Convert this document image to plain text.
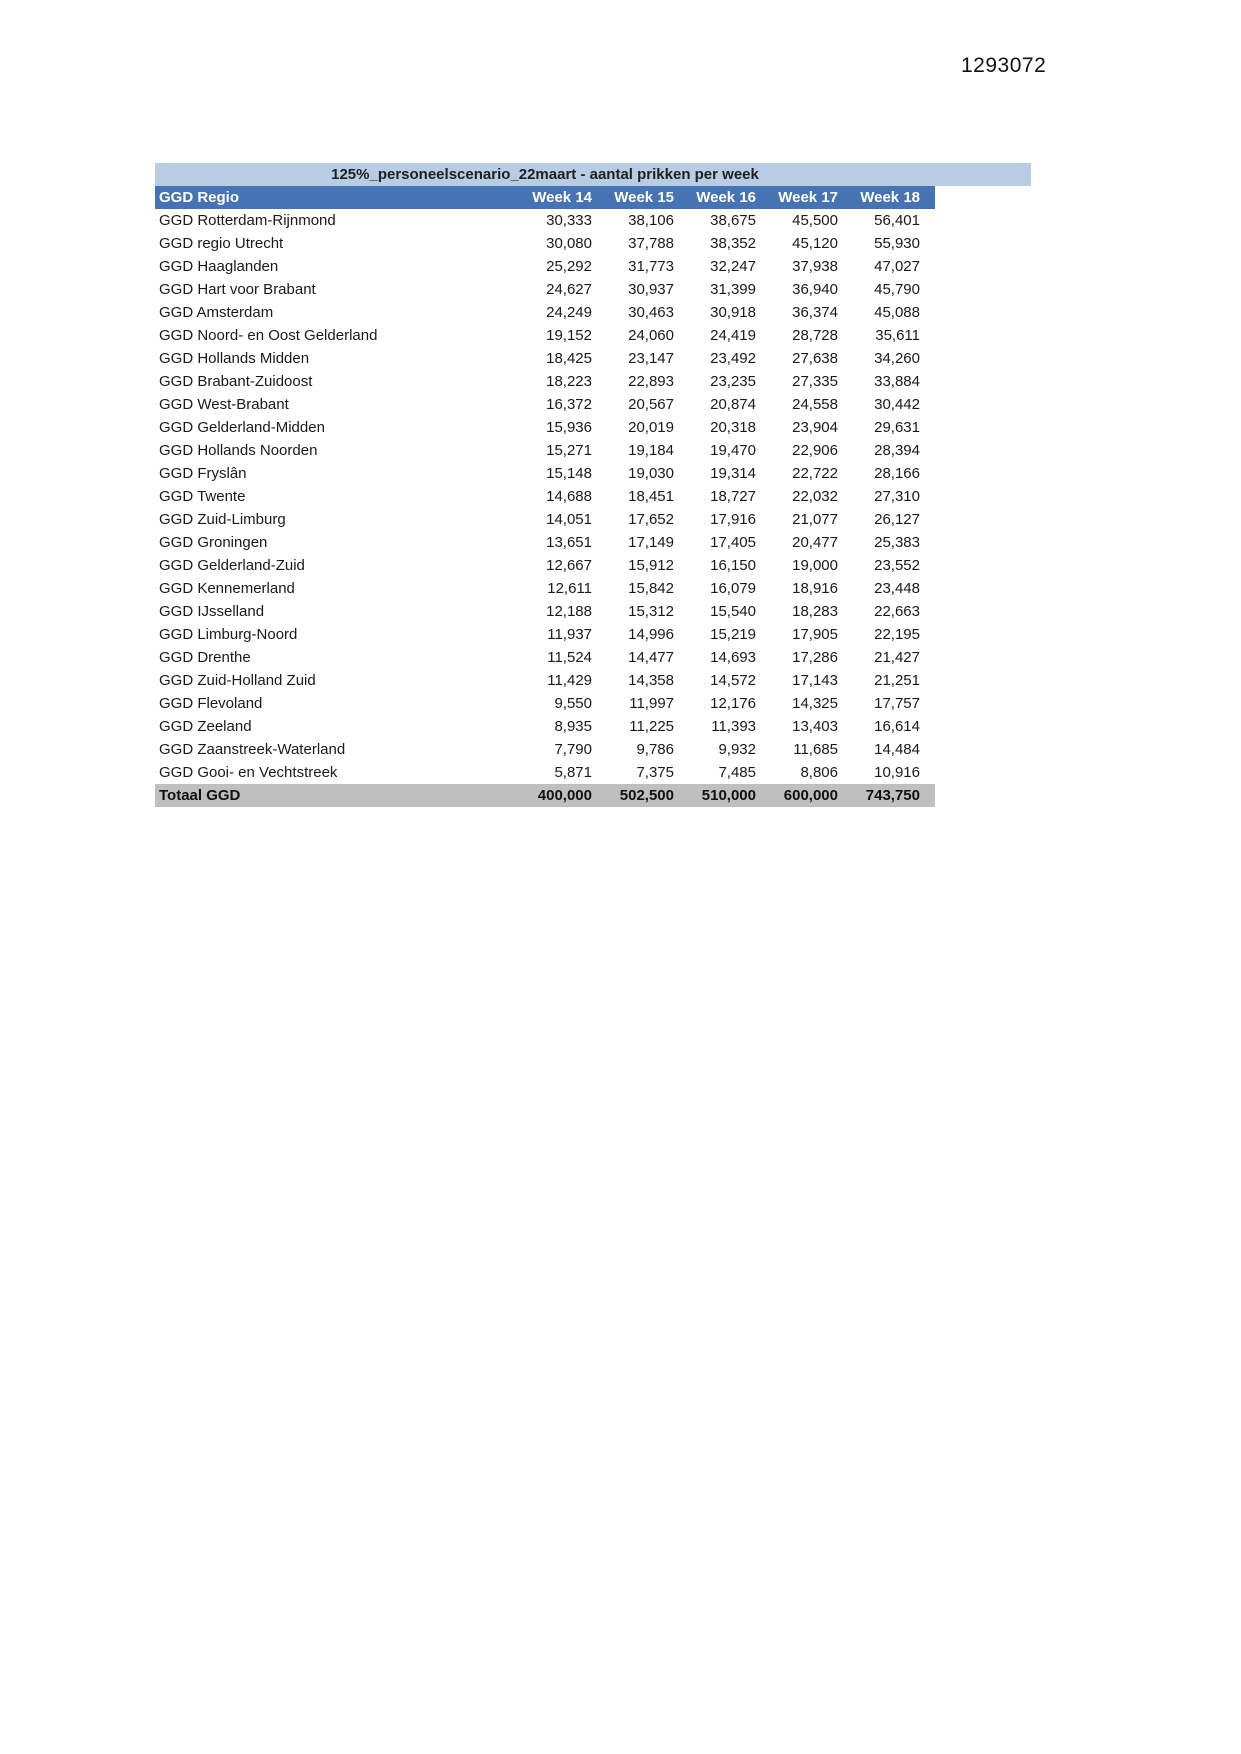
1293072
125%_personeelscenario_22maart - aantal prikken per week
GGD Regio	Week 14	Week 15	Week 16	Week 17	Week 18
GGD Rotterdam-Rijnmond	30,333	38,106	38,675	45,500	56,401
GGD regio Utrecht	30,080	37,788	38,352	45,120	55,930
GGD Haaglanden	25,292	31,773	32,247	37,938	47,027
GGD Hart voor Brabant	24,627	30,937	31,399	36,940	45,790
GGD Amsterdam	24,249	30,463	30,918	36,374	45,088
GGD Noord- en Oost Gelderland	19,152	24,060	24,419	28,728	35,611
GGD Hollands Midden	18,425	23,147	23,492	27,638	34,260
GGD Brabant-Zuidoost	18,223	22,893	23,235	27,335	33,884
GGD West-Brabant	16,372	20,567	20,874	24,558	30,442
GGD Gelderland-Midden	15,936	20,019	20,318	23,904	29,631
GGD Hollands Noorden	15,271	19,184	19,470	22,906	28,394
GGD Fryslân	15,148	19,030	19,314	22,722	28,166
GGD Twente	14,688	18,451	18,727	22,032	27,310
GGD Zuid-Limburg	14,051	17,652	17,916	21,077	26,127
GGD Groningen	13,651	17,149	17,405	20,477	25,383
GGD Gelderland-Zuid	12,667	15,912	16,150	19,000	23,552
GGD Kennemerland	12,611	15,842	16,079	18,916	23,448
GGD IJsselland	12,188	15,312	15,540	18,283	22,663
GGD Limburg-Noord	11,937	14,996	15,219	17,905	22,195
GGD Drenthe	11,524	14,477	14,693	17,286	21,427
GGD Zuid-Holland Zuid	11,429	14,358	14,572	17,143	21,251
GGD Flevoland	9,550	11,997	12,176	14,325	17,757
GGD Zeeland	8,935	11,225	11,393	13,403	16,614
GGD Zaanstreek-Waterland	7,790	9,786	9,932	11,685	14,484
GGD Gooi- en Vechtstreek	5,871	7,375	7,485	8,806	10,916
Totaal GGD	400,000	502,500	510,000	600,000	743,750
